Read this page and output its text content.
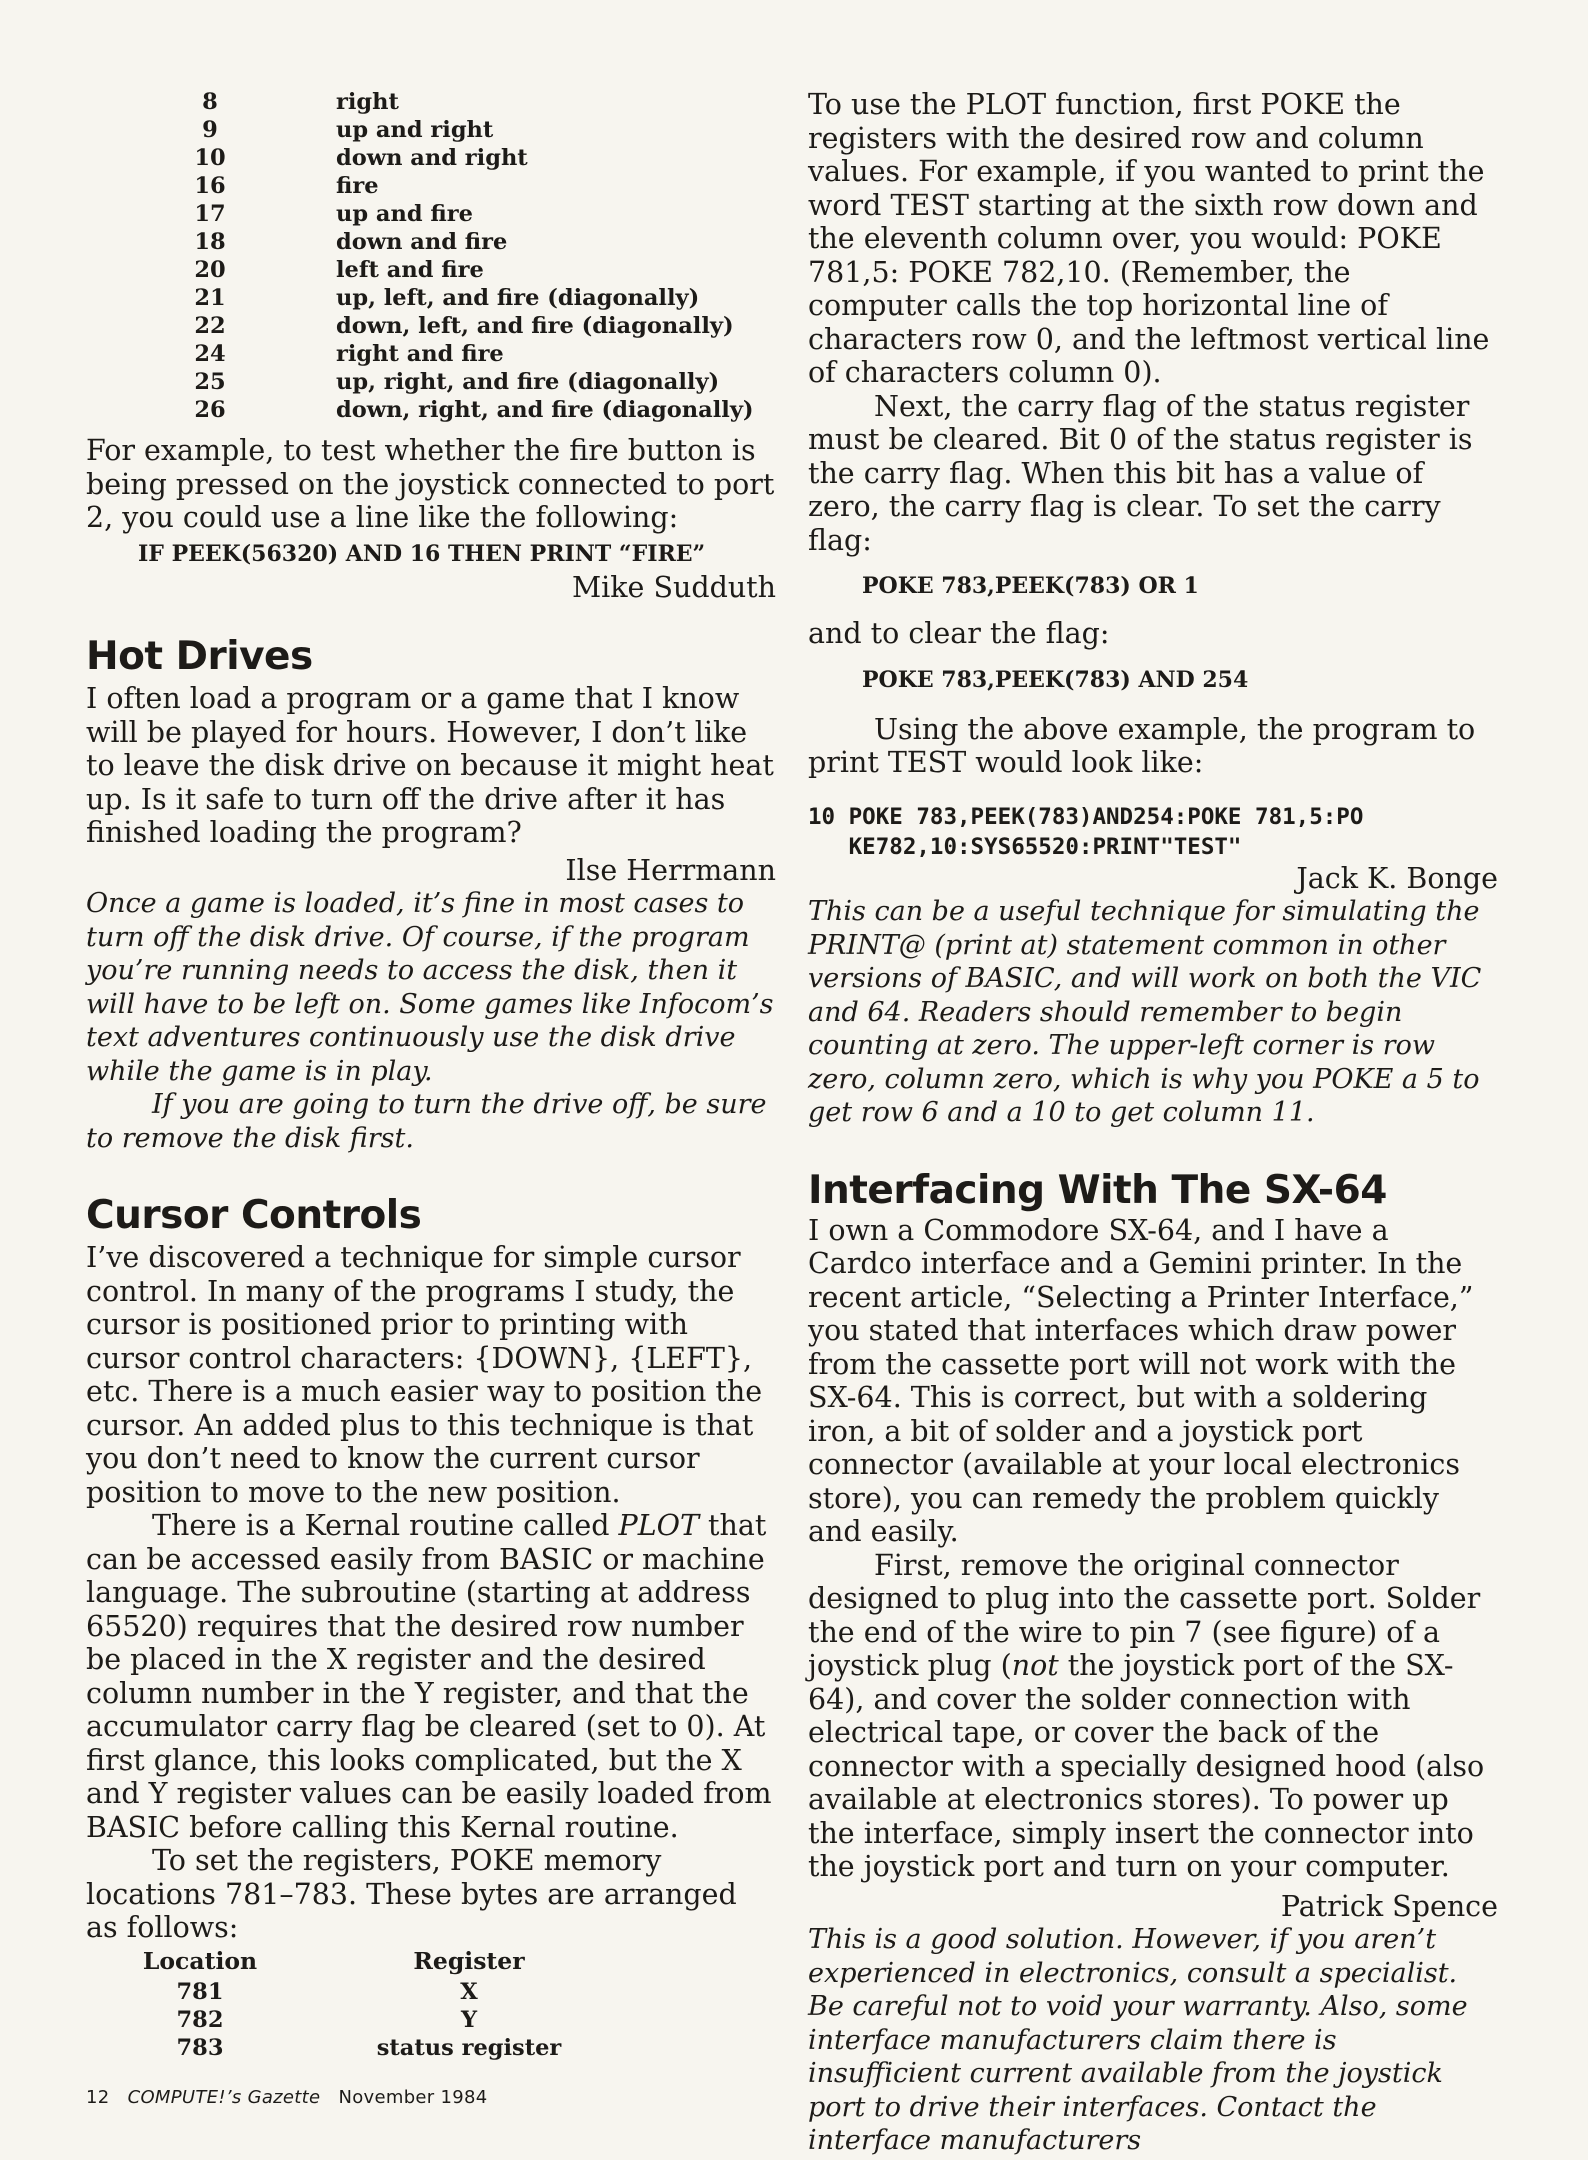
8		right
9		up and right
10		down and right
16		fire
17		up and fire
18		down and fire
20		left and fire
21		up, left, and fire (diagonally)
22		down, left, and fire (diagonally)
24		right and fire
25		up, right, and fire (diagonally)
26		down, right, and fire (diagonally)

For example, to test whether the fire button is being pressed on the joystick connected to port 2, you could use a line like the following:

IF PEEK(56320) AND 16 THEN PRINT “FIRE”
Mike Sudduth
Hot Drives

I often load a program or a game that I know will be played for hours. However, I don’t like to leave the disk drive on because it might heat up. Is it safe to turn off the drive after it has finished loading the program?

Ilse Herrmann

Once a game is loaded, it’s fine in most cases to turn off the disk drive. Of course, if the program you’re running needs to access the disk, then it will have to be left on. Some games like Infocom’s text adventures continuously use the disk drive while the game is in play.

If you are going to turn the drive off, be sure to remove the disk first.

Cursor Controls

I’ve discovered a technique for simple cursor control. In many of the programs I study, the cursor is positioned prior to printing with cursor control characters: {DOWN}, {LEFT}, etc. There is a much easier way to position the cursor. An added plus to this technique is that you don’t need to know the current cursor position to move to the new position.

There is a Kernal routine called PLOT that can be accessed easily from BASIC or machine language. The subroutine (starting at address 65520) requires that the desired row number be placed in the X register and the desired column number in the Y register, and that the accumulator carry flag be cleared (set to 0). At first glance, this looks complicated, but the X and Y register values can be easily loaded from BASIC before calling this Kernal routine.

To set the registers, POKE memory locations 781–783. These bytes are arranged as follows:

Location	Register
781	X
782	Y
783	status register

To use the PLOT function, first POKE the registers with the desired row and column values. For example, if you wanted to print the word TEST starting at the sixth row down and the eleventh column over, you would: POKE 781,5: POKE 782,10. (Remember, the computer calls the top horizontal line of characters row 0, and the leftmost vertical line of characters column 0).

Next, the carry flag of the status register must be cleared. Bit 0 of the status register is the carry flag. When this bit has a value of zero, the carry flag is clear. To set the carry flag:

POKE 783,PEEK(783) OR 1

and to clear the flag:

POKE 783,PEEK(783) AND 254

Using the above example, the program to print TEST would look like:

10 POKE 783,PEEK(783)AND254:POKE 781,5:PO
KE782,10:SYS65520:PRINT"TEST"
Jack K. Bonge

This can be a useful technique for simulating the PRINT@ (print at) statement common in other versions of BASIC, and will work on both the VIC and 64. Readers should remember to begin counting at zero. The upper-left corner is row zero, column zero, which is why you POKE a 5 to get row 6 and a 10 to get column 11.

Interfacing With The SX-64

I own a Commodore SX-64, and I have a Cardco interface and a Gemini printer. In the recent article, “Selecting a Printer Interface,” you stated that interfaces which draw power from the cassette port will not work with the SX-64. This is correct, but with a soldering iron, a bit of solder and a joystick port connector (available at your local electronics store), you can remedy the problem quickly and easily.

First, remove the original connector designed to plug into the cassette port. Solder the end of the wire to pin 7 (see figure) of a joystick plug (not the joystick port of the SX-64), and cover the solder connection with electrical tape, or cover the back of the connector with a specially designed hood (also available at electronics stores). To power up the interface, simply insert the connector into the joystick port and turn on your computer.

Patrick Spence

This is a good solution. However, if you aren’t experienced in electronics, consult a specialist. Be careful not to void your warranty. Also, some interface manufacturers claim there is insufficient current available from the joystick port to drive their interfaces. Contact the interface manufacturers

12 COMPUTE!’s Gazette November 1984
